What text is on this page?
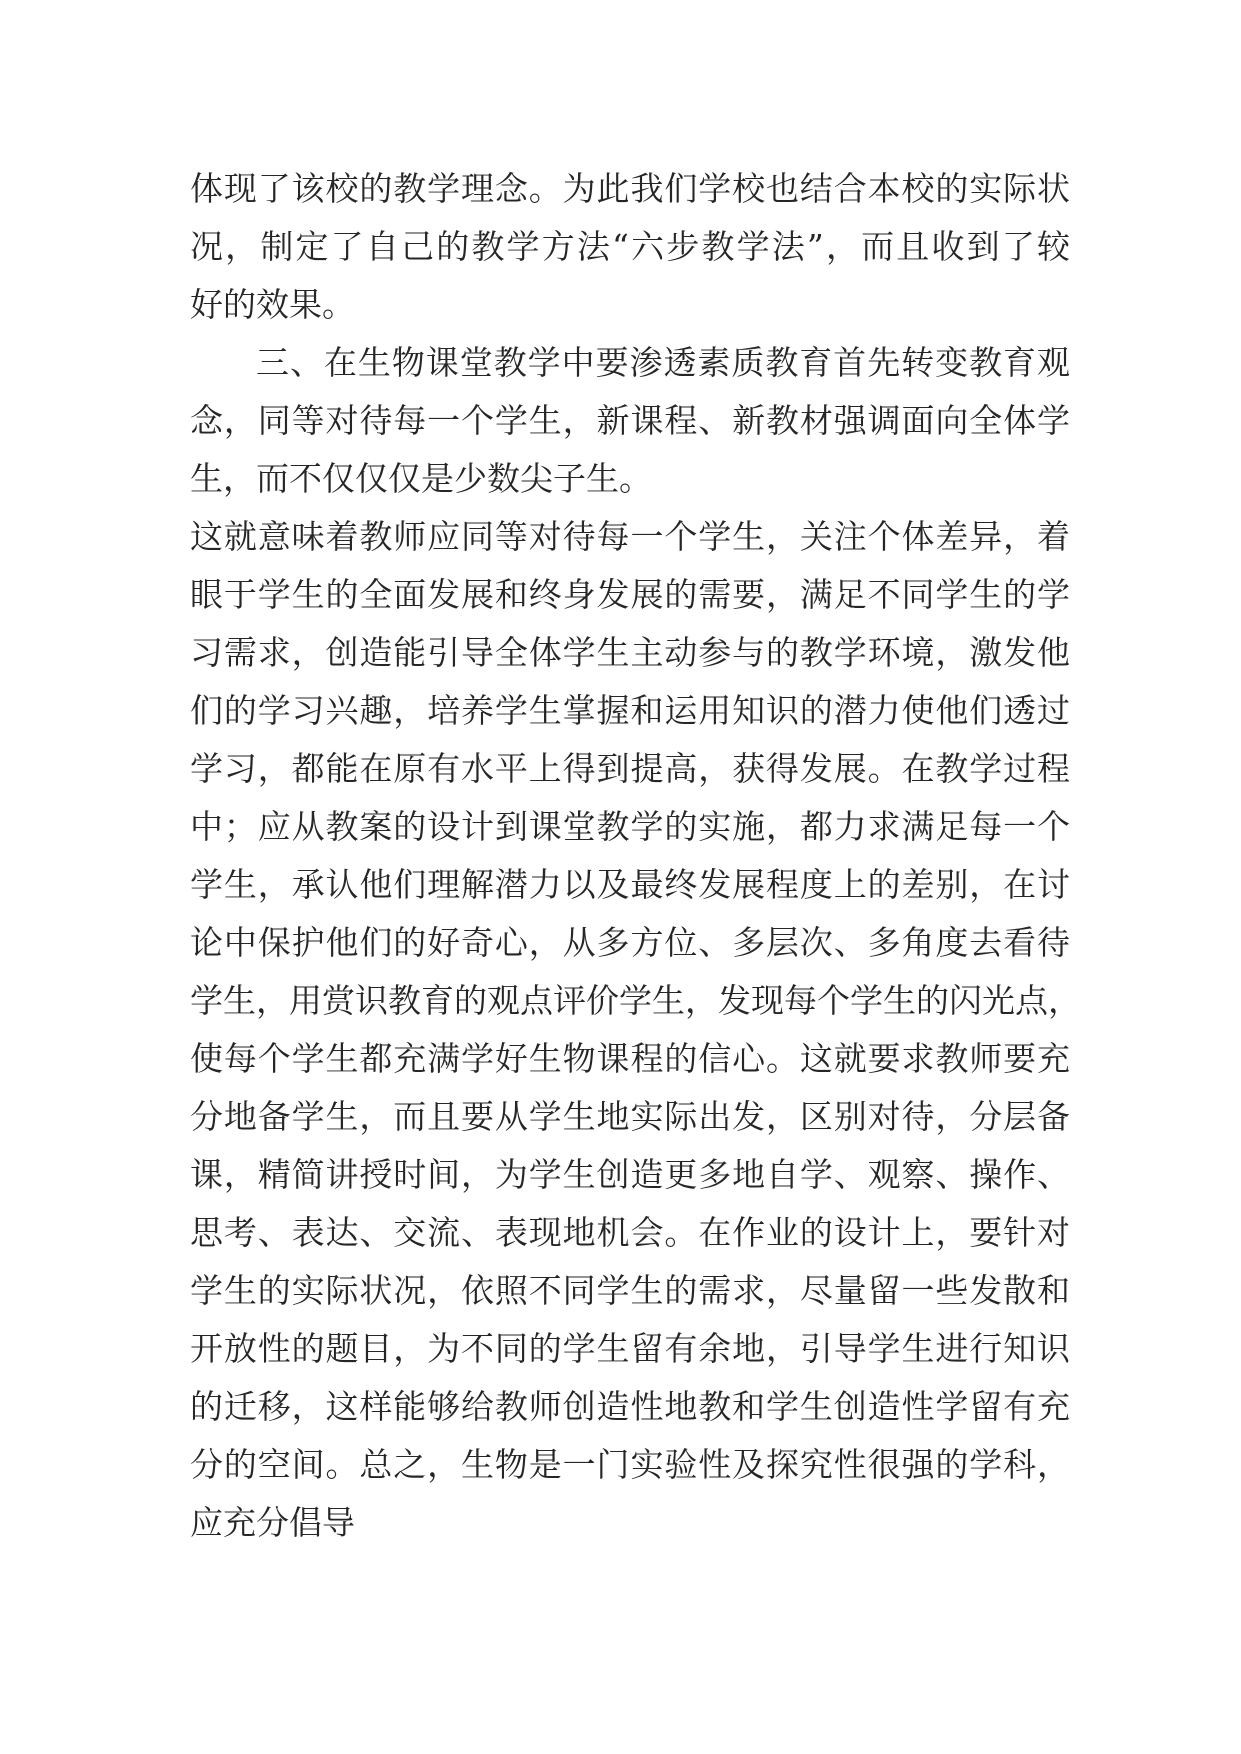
体现了该校的教学理念。为此我们学校也结合本校的实际状
况，制定了自己的教学方法“六步教学法”，而且收到了较
好的效果。
三、在生物课堂教学中要渗透素质教育首先转变教育观
念，同等对待每一个学生，新课程、新教材强调面向全体学
生，而不仅仅仅是少数尖子生。
这就意味着教师应同等对待每一个学生，关注个体差异，着
眼于学生的全面发展和终身发展的需要，满足不同学生的学
习需求，创造能引导全体学生主动参与的教学环境，激发他
们的学习兴趣，培养学生掌握和运用知识的潜力使他们透过
学习，都能在原有水平上得到提高，获得发展。在教学过程
中；应从教案的设计到课堂教学的实施，都力求满足每一个
学生，承认他们理解潜力以及最终发展程度上的差别，在讨
论中保护他们的好奇心，从多方位、多层次、多角度去看待
学生，用赏识教育的观点评价学生，发现每个学生的闪光点，
使每个学生都充满学好生物课程的信心。这就要求教师要充
分地备学生，而且要从学生地实际出发，区别对待，分层备
课，精简讲授时间，为学生创造更多地自学、观察、操作、
思考、表达、交流、表现地机会。在作业的设计上，要针对
学生的实际状况，依照不同学生的需求，尽量留一些发散和
开放性的题目，为不同的学生留有余地，引导学生进行知识
的迁移，这样能够给教师创造性地教和学生创造性学留有充
分的空间。总之，生物是一门实验性及探究性很强的学科，
应充分倡导
